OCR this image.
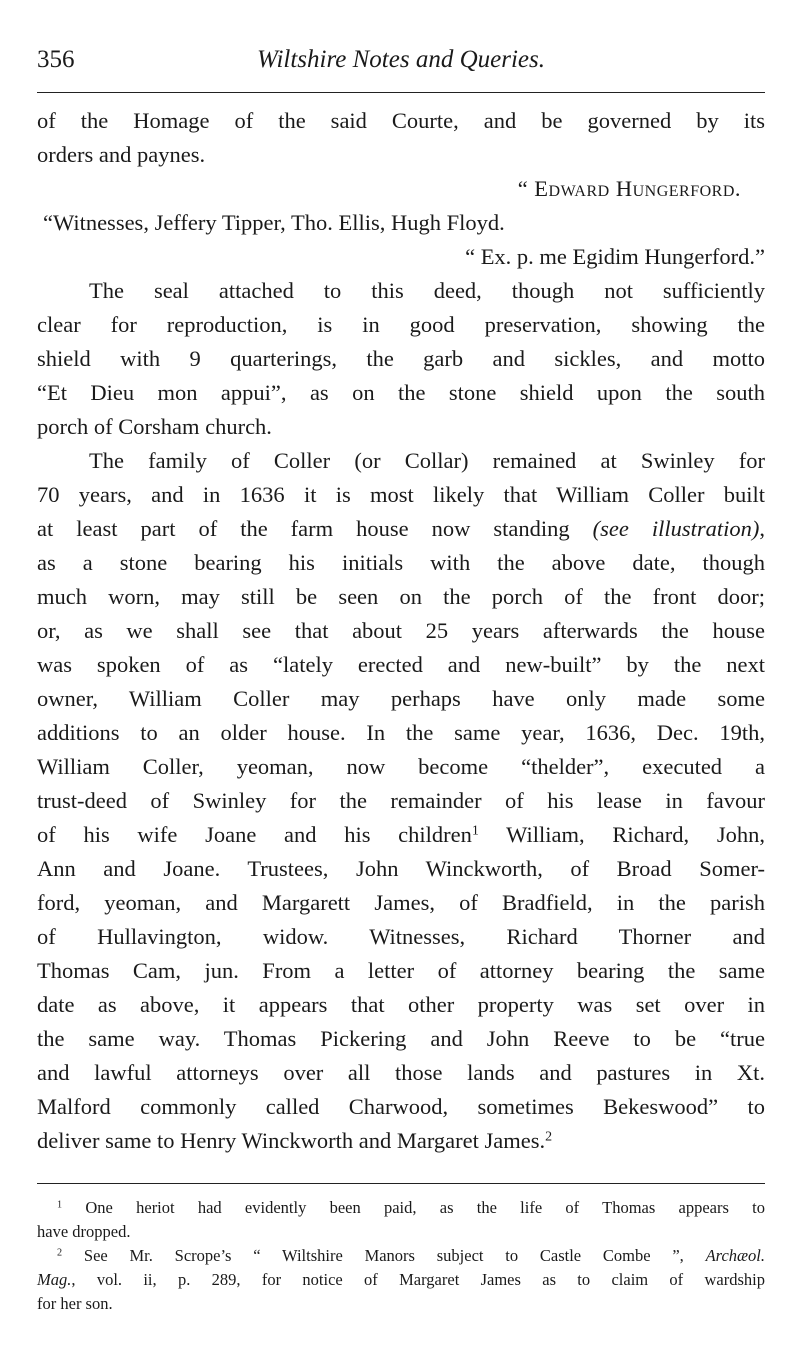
356	Wiltshire Notes and Queries.
of the Homage of the said Courte, and be governed by its
orders and paynes.
“ Edward Hungerford.
“Witnesses, Jeffery Tipper, Tho. Ellis, Hugh Floyd.
“ Ex. p. me Egidim Hungerford.”
The seal attached to this deed, though not sufficiently
clear for reproduction, is in good preservation, showing the
shield with 9 quarterings, the garb and sickles, and motto
“Et Dieu mon appui”, as on the stone shield upon the south
porch of Corsham church.
The family of Coller (or Collar) remained at Swinley for
70 years, and in 1636 it is most likely that William Coller built
at least part of the farm house now standing (see illustration),
as a stone bearing his initials with the above date, though
much worn, may still be seen on the porch of the front door;
or, as we shall see that about 25 years afterwards the house
was spoken of as “lately erected and new-built” by the next
owner, William Coller may perhaps have only made some
additions to an older house. In the same year, 1636, Dec. 19th,
William Coller, yeoman, now become “thelder”, executed a
trust-deed of Swinley for the remainder of his lease in favour
of his wife Joane and his children$^1$ William, Richard, John,
Ann and Joane. Trustees, John Winckworth, of Broad Somer-
ford, yeoman, and Margarett James, of Bradfield, in the parish
of Hullavington, widow. Witnesses, Richard Thorner and
Thomas Cam, jun. From a letter of attorney bearing the same
date as above, it appears that other property was set over in
the same way. Thomas Pickering and John Reeve to be “true
and lawful attorneys over all those lands and pastures in Xt.
Malford commonly called Charwood, sometimes Bekeswood” to
deliver same to Henry Winckworth and Margaret James.$^2$
$^1$ One heriot had evidently been paid, as the life of Thomas appears to
have dropped.
$^2$ See Mr. Scrope’s “ Wiltshire Manors subject to Castle Combe ”, Archæol.
Mag., vol. ii, p. 289, for notice of Margaret James as to claim of wardship
for her son.
